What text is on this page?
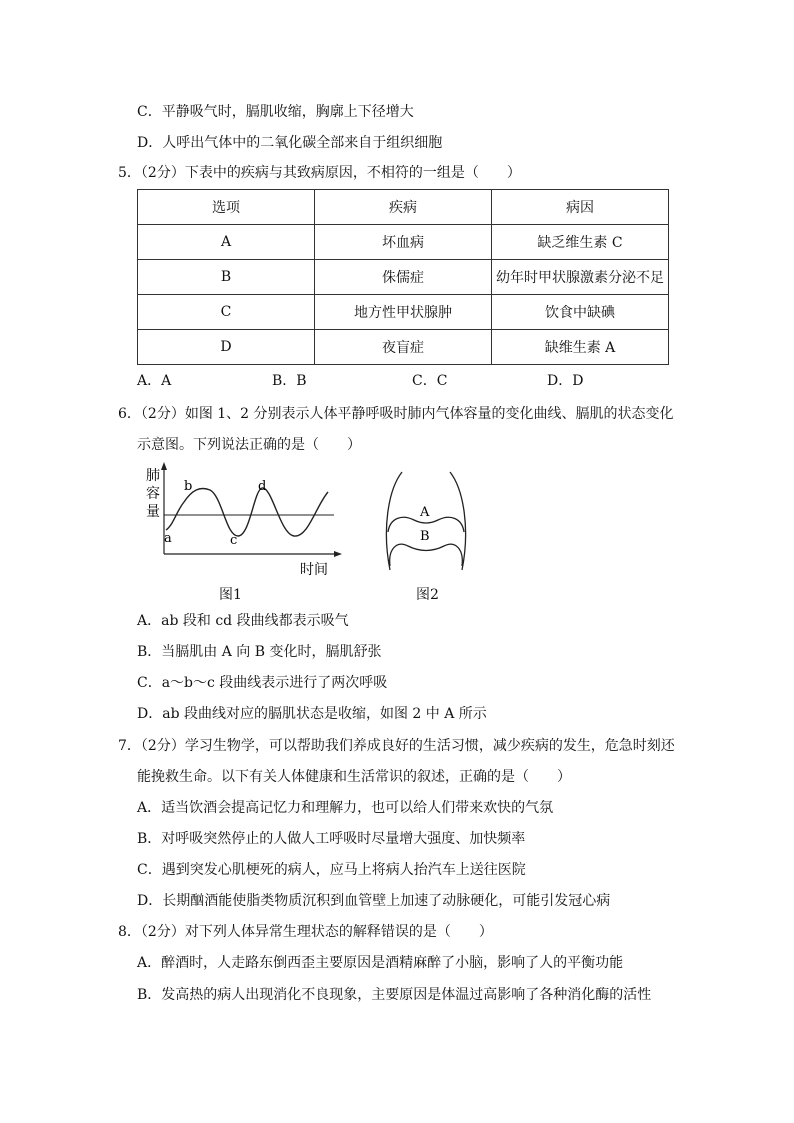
C．平静吸气时，膈肌收缩，胸廓上下径增大
D．人呼出气体中的二氧化碳全部来自于组织细胞
5．（2分）下表中的疾病与其致病原因，不相符的一组是（　　）
选项	疾病	病因
A	坏血病	缺乏维生素 C
B	侏儒症	幼年时甲状腺激素分泌不足
C	地方性甲状腺肿	饮食中缺碘
D	夜盲症	缺维生素 A
A．A	B．B	C．C	D．D
6．（2分）如图 1、2 分别表示人体平静呼吸时肺内气体容量的变化曲线、膈肌的状态变化
示意图。下列说法正确的是（　　）
肺
容
量
a
b
c
d
时间
图1
A
B
图2
A．ab 段和 cd 段曲线都表示吸气
B．当膈肌由 A 向 B 变化时，膈肌舒张
C．a～b～c 段曲线表示进行了两次呼吸
D．ab 段曲线对应的膈肌状态是收缩，如图 2 中 A 所示
7．（2分）学习生物学，可以帮助我们养成良好的生活习惯，减少疾病的发生，危急时刻还
能挽救生命。以下有关人体健康和生活常识的叙述，正确的是（　　）
A．适当饮酒会提高记忆力和理解力，也可以给人们带来欢快的气氛
B．对呼吸突然停止的人做人工呼吸时尽量增大强度、加快频率
C．遇到突发心肌梗死的病人，应马上将病人抬汽车上送往医院
D．长期酗酒能使脂类物质沉积到血管壁上加速了动脉硬化，可能引发冠心病
8．（2分）对下列人体异常生理状态的解释错误的是（　　）
A．醉酒时，人走路东倒西歪主要原因是酒精麻醉了小脑，影响了人的平衡功能
B．发高热的病人出现消化不良现象，主要原因是体温过高影响了各种消化酶的活性
